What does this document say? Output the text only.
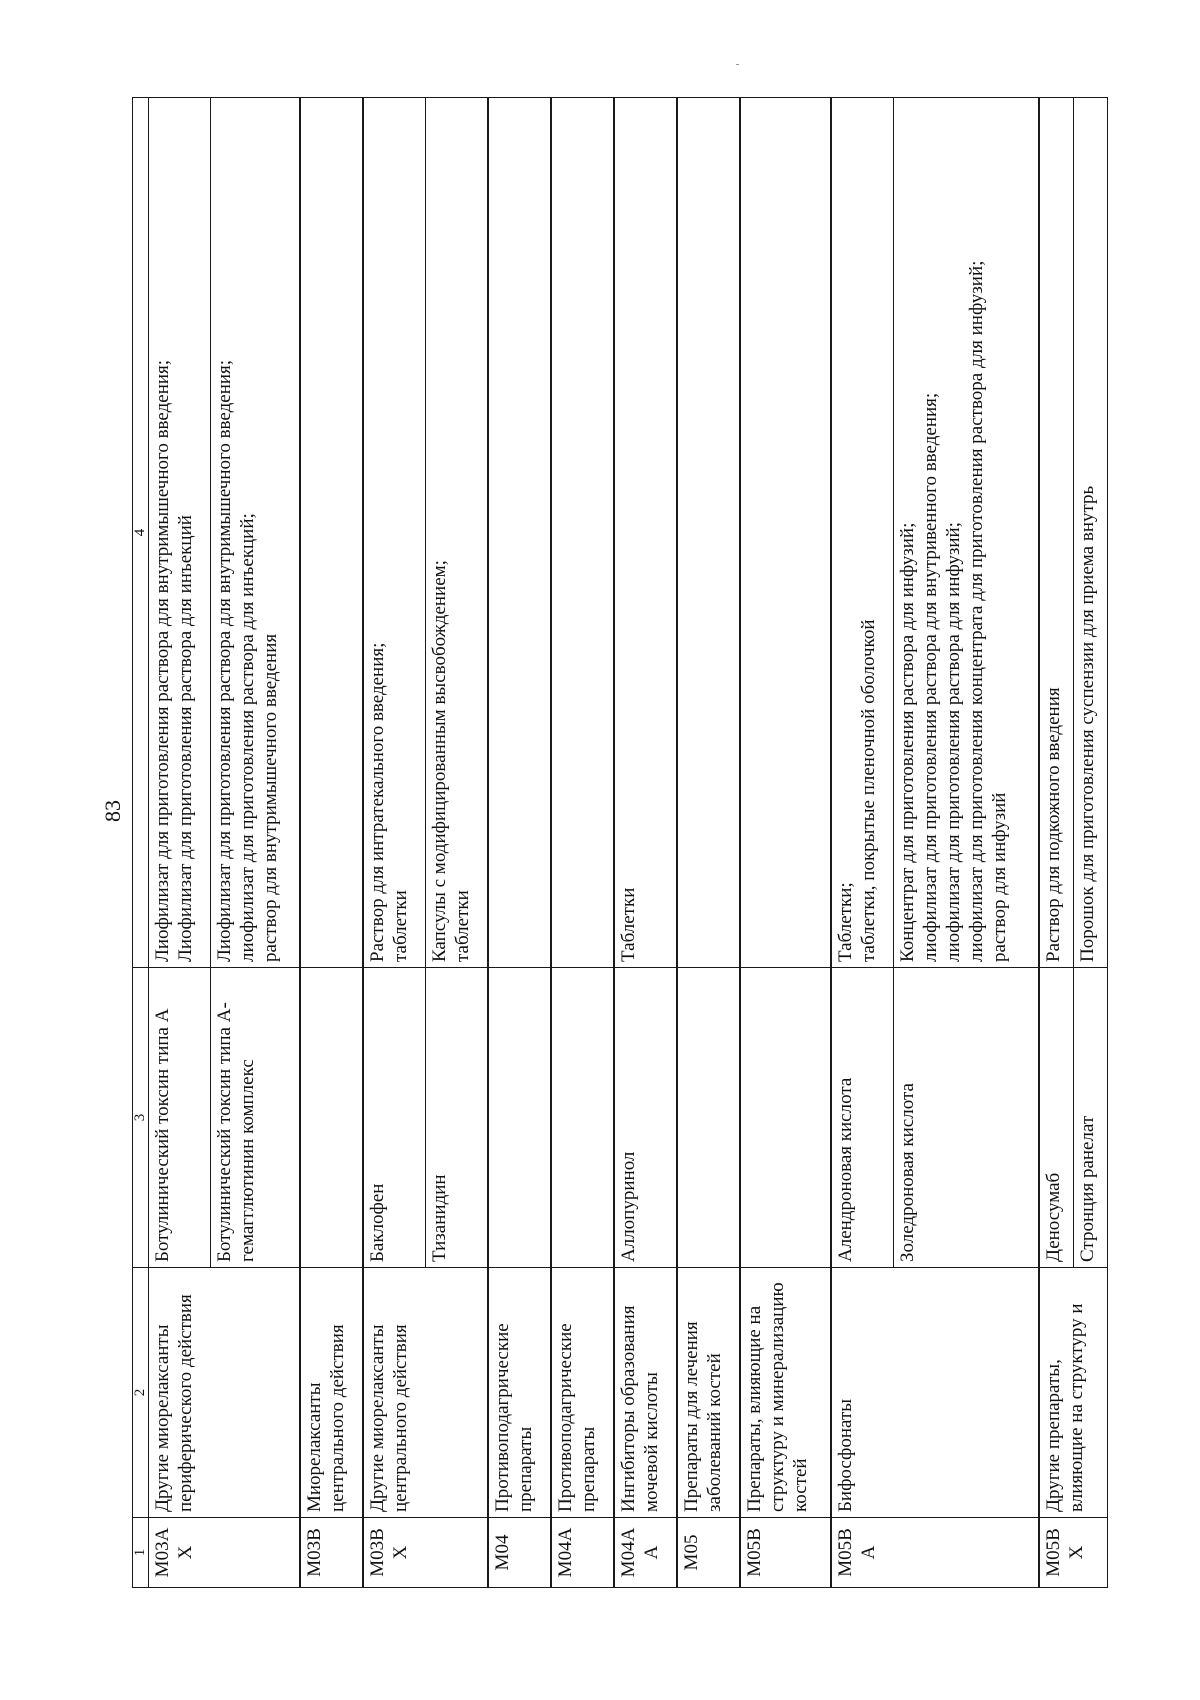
83
1	2	3	4
M03A X	Другие миорелаксанты периферического действия	Ботулинический токсин типа А	Лиофилизат для приготовления раствора для внутримышечного введения; Лиофилизат для приготовления раствора для инъекций

		Ботулинический токсин типа А-гемагглютинин комплекс	Лиофилизат для приготовления раствора для внутримышечного введения; лиофилизат для приготовления раствора для инъекций; раствор для внутримышечного введения

M03B	Миорелаксанты центрального действия		
M03B X	Другие миорелаксанты центрального действия	Баклофен	Раствор для интратекального введения; таблетки

		Тизанидин	Капсулы с модифицированным высвобождением; таблетки

M04	Противоподагрические препараты		
M04A	Противоподагрические препараты		
M04A A	Ингибиторы образования мочевой кислоты	Аллопуринол	Таблетки

M05	Препараты для лечения заболеваний костей		
M05B	Препараты, влияющие на структуру и минерализацию костей		
M05B A	Бифосфонаты	Алендроновая кислота	Таблетки; таблетки, покрытые пленочной оболочкой

		Золедроновая кислота	Концентрат для приготовления раствора для инфузий; лиофилизат для приготовления раствора для внутривенного введения; лиофилизат для приготовления раствора для инфузий; лиофилизат для приготовления концентрата для приготовления раствора для инфузий; раствор для инфузий

M05B X	Другие препараты, влияющие на структуру и	Деносумаб	Раствор для подкожного введения

		Стронция ранелат	Порошок для приготовления суспензии для приема внутрь
